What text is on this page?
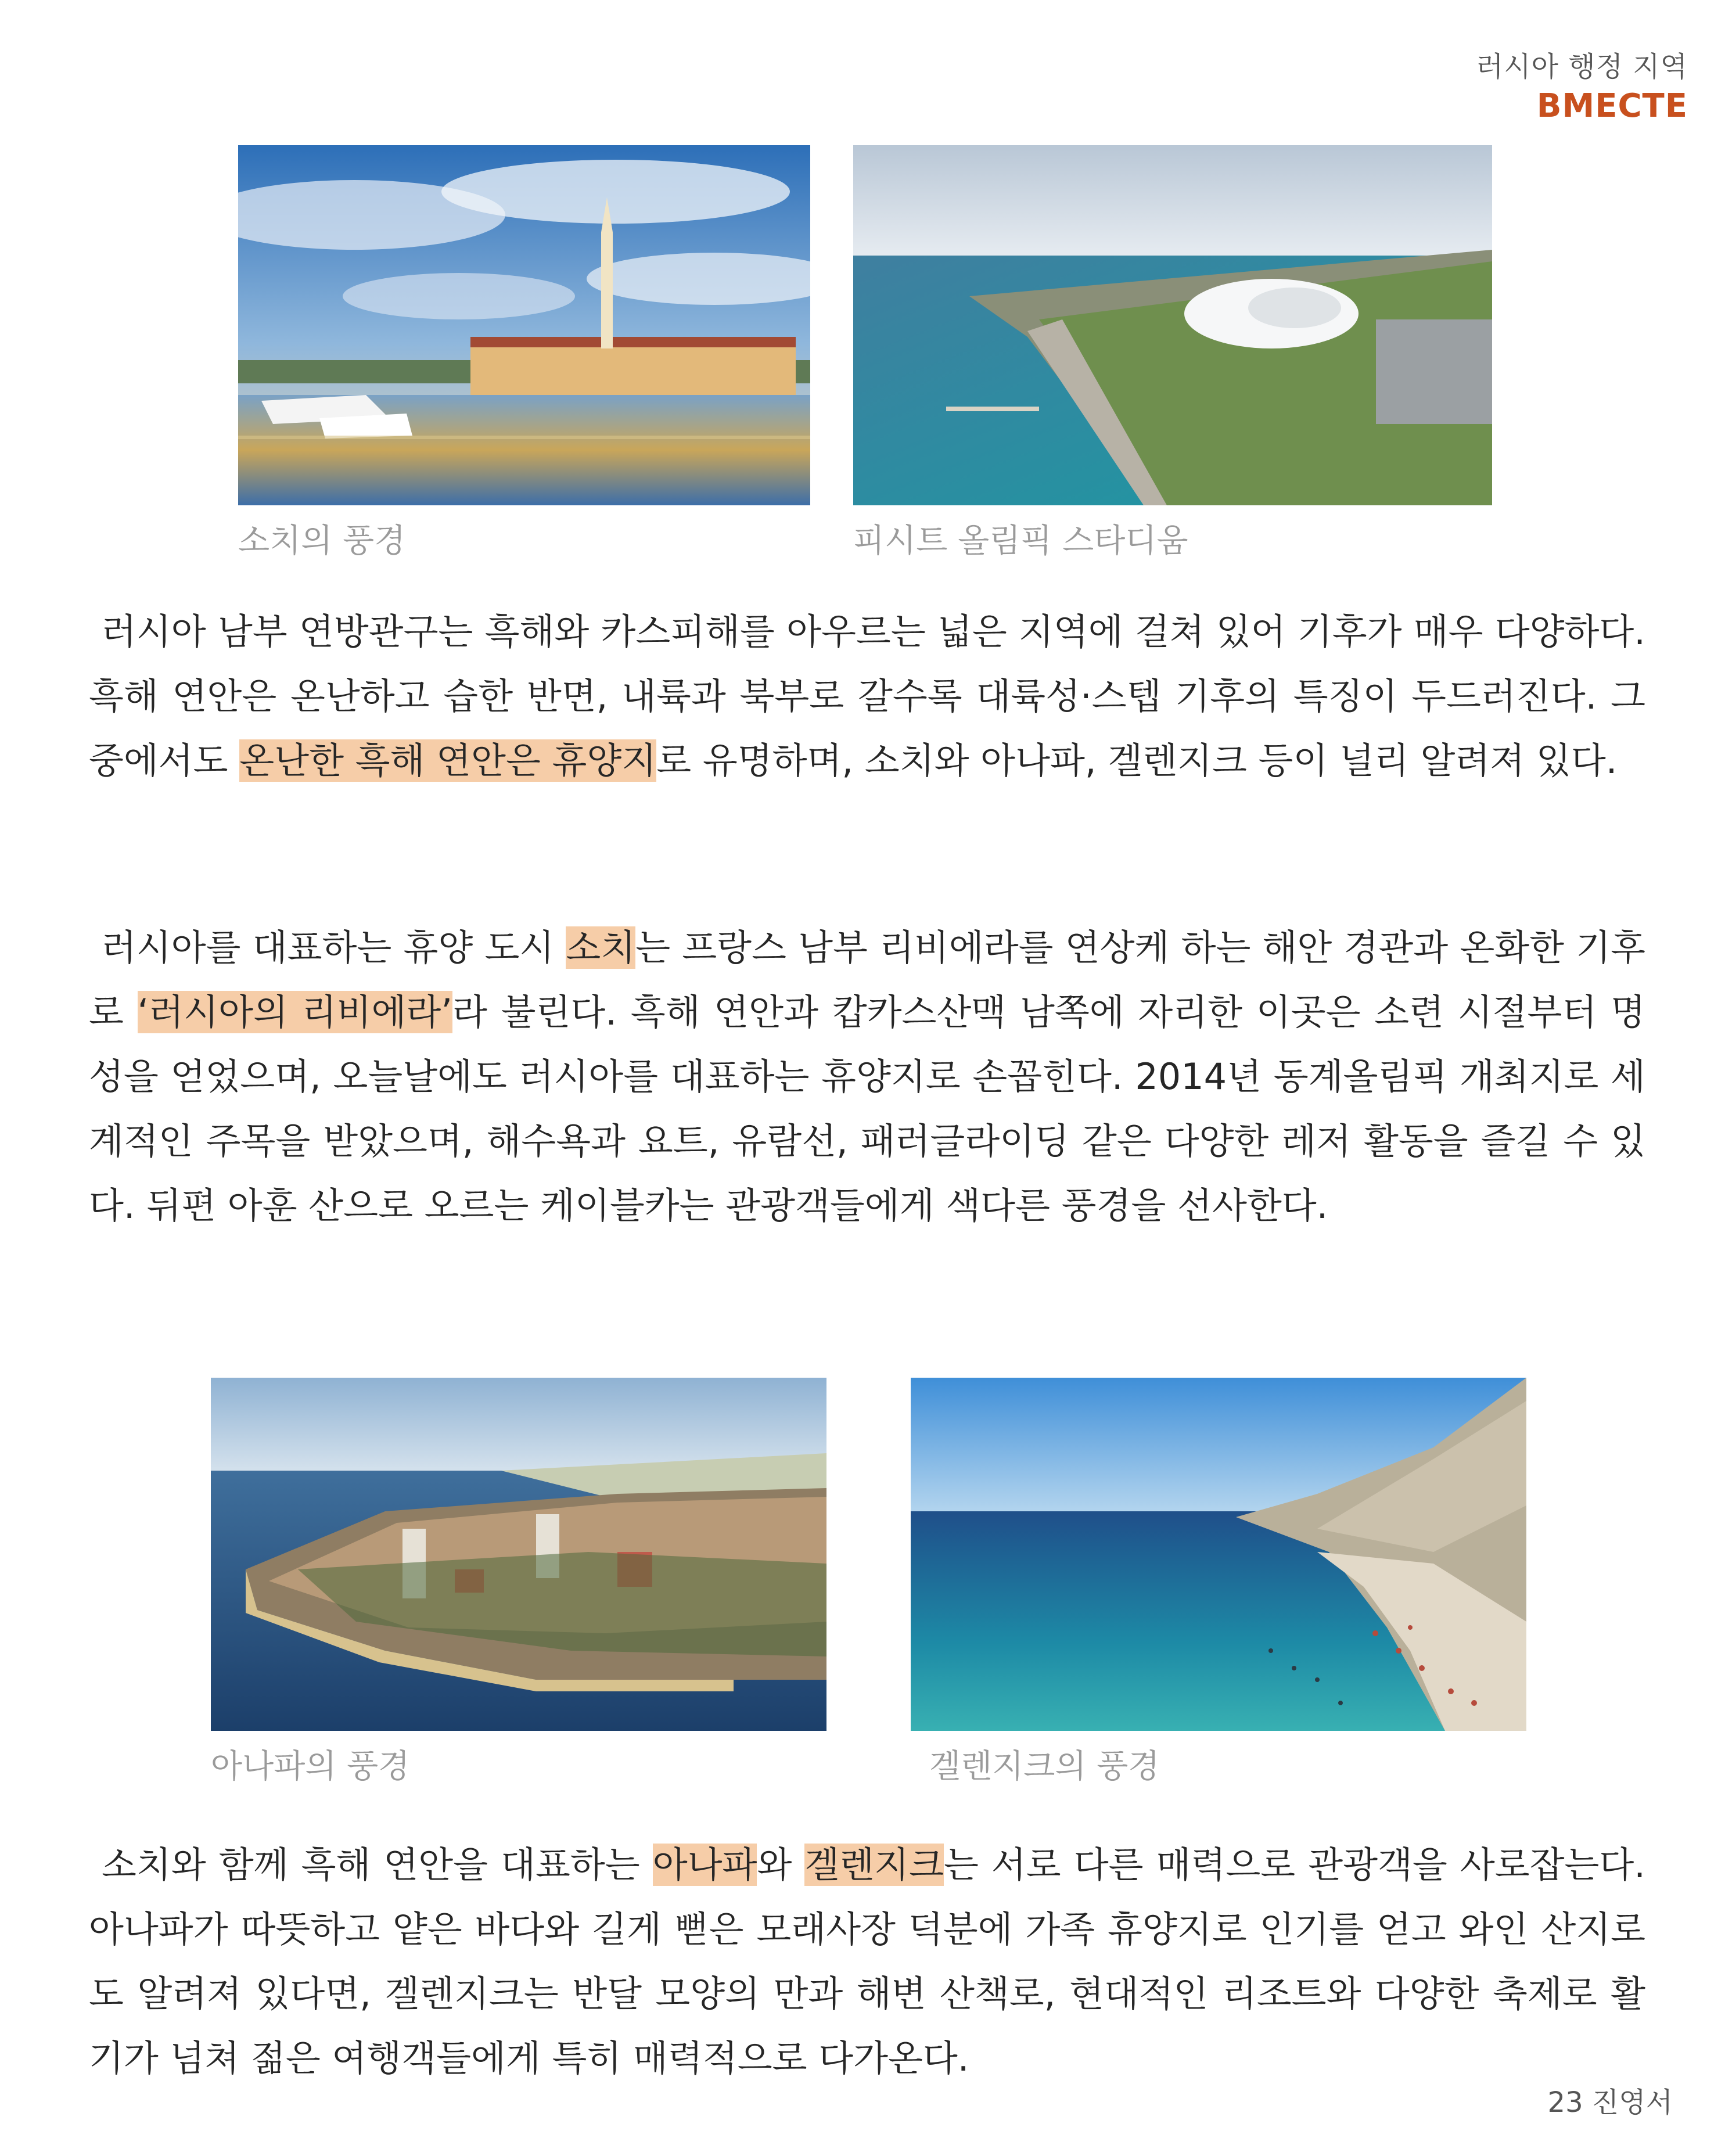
러시아 행정 지역
BMECTE
소치의 풍경	피시트 올림픽 스타디움

러시아 남부 연방관구는 흑해와 카스피해를 아우르는 넓은 지역에 걸쳐 있어 기후가 매우 다양하다. 흑해 연안은 온난하고 습한 반면, 내륙과 북부로 갈수록 대륙성·스텝 기후의 특징이 두드러진다. 그중에서도 온난한 흑해 연안은 휴양지로 유명하며, 소치와 아나파, 겔렌지크 등이 널리 알려져 있다.

러시아를 대표하는 휴양 도시 소치는 프랑스 남부 리비에라를 연상케 하는 해안 경관과 온화한 기후로 ‘러시아의 리비에라’라 불린다. 흑해 연안과 캅카스산맥 남쪽에 자리한 이곳은 소련 시절부터 명성을 얻었으며, 오늘날에도 러시아를 대표하는 휴양지로 손꼽힌다. 2014년 동계올림픽 개최지로 세계적인 주목을 받았으며, 해수욕과 요트, 유람선, 패러글라이딩 같은 다양한 레저 활동을 즐길 수 있다. 뒤편 아훈 산으로 오르는 케이블카는 관광객들에게 색다른 풍경을 선사한다.

아나파의 풍경	겔렌지크의 풍경

소치와 함께 흑해 연안을 대표하는 아나파와 겔렌지크는 서로 다른 매력으로 관광객을 사로잡는다. 아나파가 따뜻하고 얕은 바다와 길게 뻗은 모래사장 덕분에 가족 휴양지로 인기를 얻고 와인 산지로도 알려져 있다면, 겔렌지크는 반달 모양의 만과 해변 산책로, 현대적인 리조트와 다양한 축제로 활기가 넘쳐 젊은 여행객들에게 특히 매력적으로 다가온다.

23 진영서
